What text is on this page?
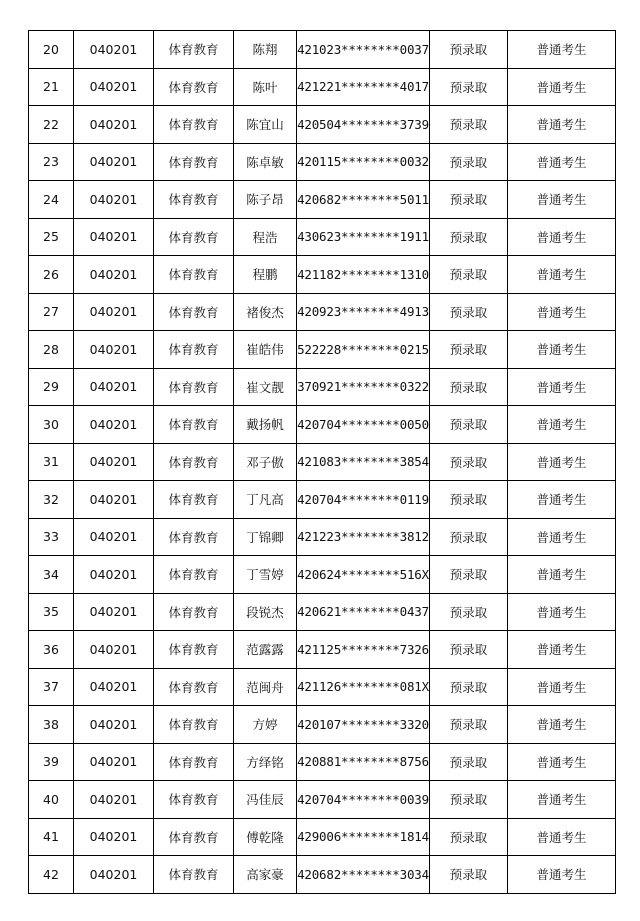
20	040201	体育教育	陈翔	421023********0037	预录取	普通考生
21	040201	体育教育	陈叶	421221********4017	预录取	普通考生
22	040201	体育教育	陈宜山	420504********3739	预录取	普通考生
23	040201	体育教育	陈卓敏	420115********0032	预录取	普通考生
24	040201	体育教育	陈子昂	420682********5011	预录取	普通考生
25	040201	体育教育	程浩	430623********1911	预录取	普通考生
26	040201	体育教育	程鹏	421182********1310	预录取	普通考生
27	040201	体育教育	褚俊杰	420923********4913	预录取	普通考生
28	040201	体育教育	崔皓伟	522228********0215	预录取	普通考生
29	040201	体育教育	崔文靓	370921********0322	预录取	普通考生
30	040201	体育教育	戴扬帆	420704********0050	预录取	普通考生
31	040201	体育教育	邓子傲	421083********3854	预录取	普通考生
32	040201	体育教育	丁凡高	420704********0119	预录取	普通考生
33	040201	体育教育	丁锦卿	421223********3812	预录取	普通考生
34	040201	体育教育	丁雪婷	420624********516X	预录取	普通考生
35	040201	体育教育	段锐杰	420621********0437	预录取	普通考生
36	040201	体育教育	范露露	421125********7326	预录取	普通考生
37	040201	体育教育	范闽舟	421126********081X	预录取	普通考生
38	040201	体育教育	方婷	420107********3320	预录取	普通考生
39	040201	体育教育	方绎铭	420881********8756	预录取	普通考生
40	040201	体育教育	冯佳辰	420704********0039	预录取	普通考生
41	040201	体育教育	傅乾隆	429006********1814	预录取	普通考生
42	040201	体育教育	高家豪	420682********3034	预录取	普通考生
